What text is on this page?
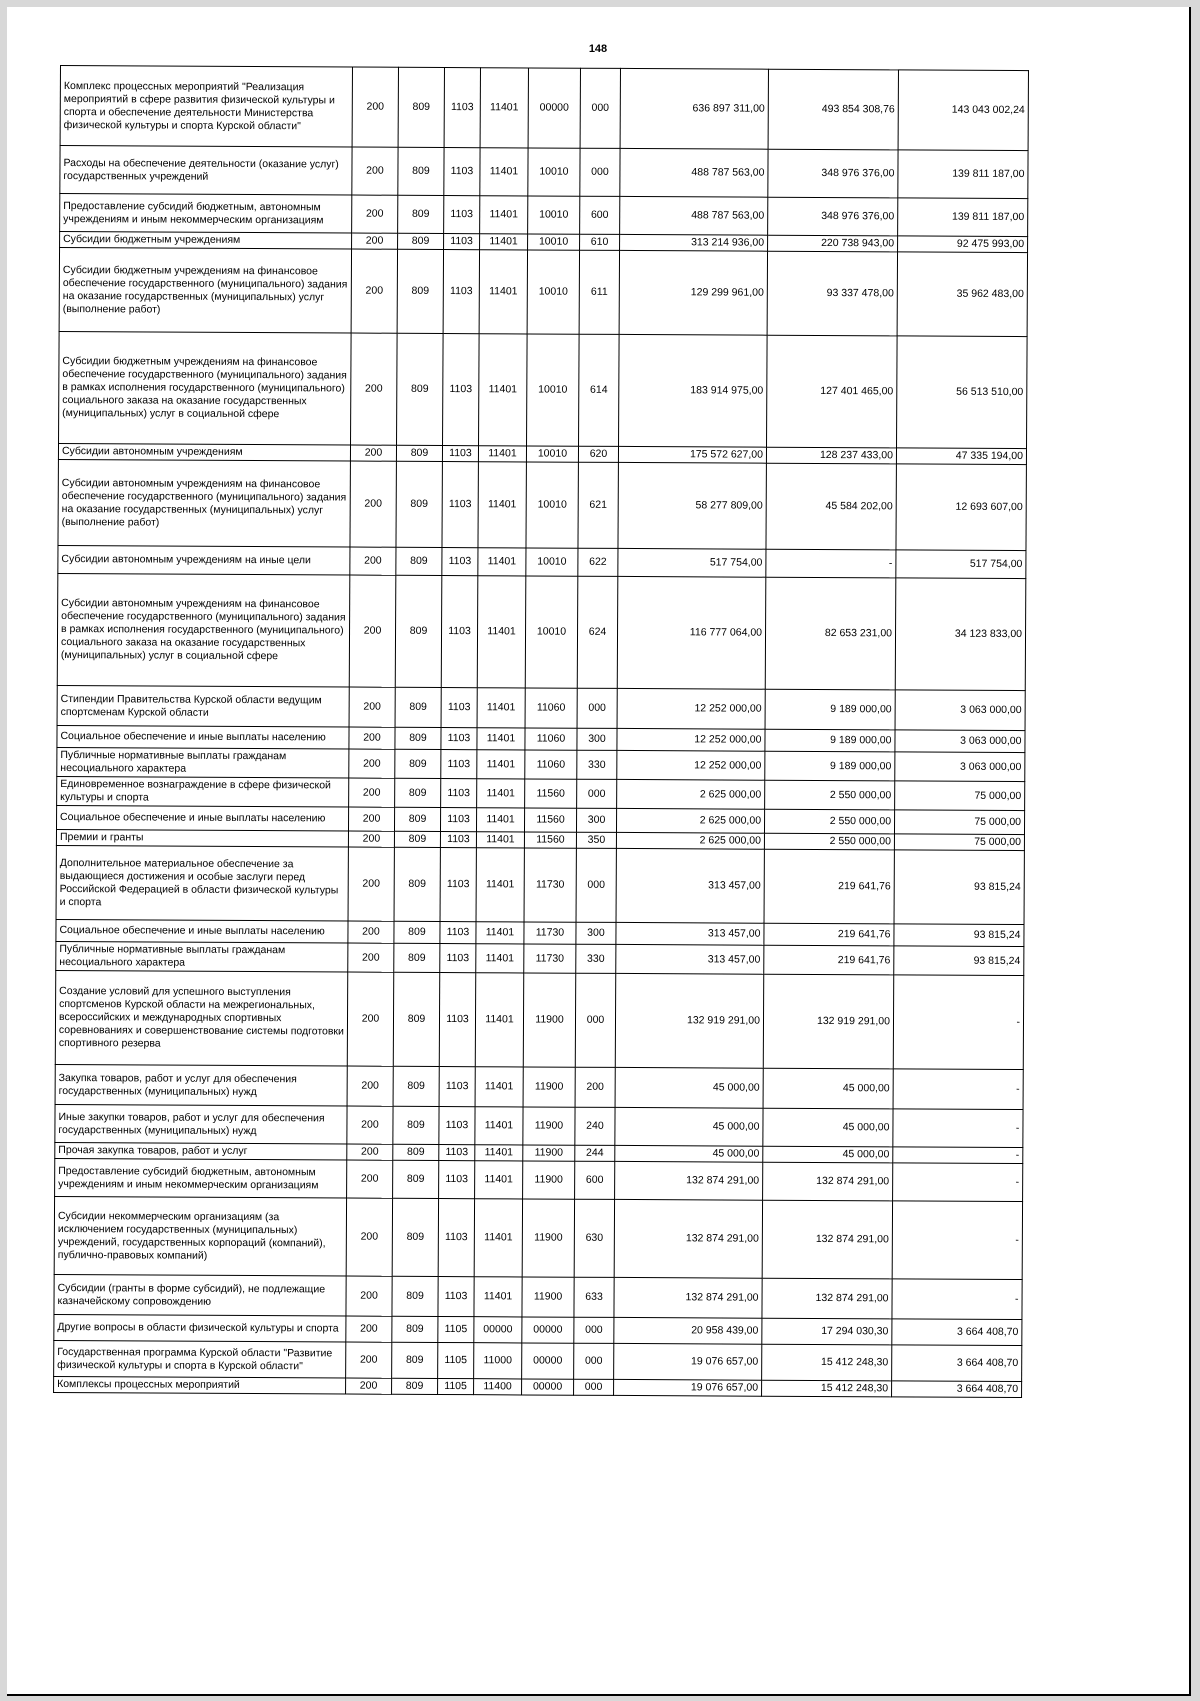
148
Комплекс процессных мероприятий "Реализация мероприятий в сфере развития физической культуры и спорта и обеспечение деятельности Министерства физической культуры и спорта Курской области"	200	809	1103	11401	00000	000	636 897 311,00	493 854 308,76	143 043 002,24
Расходы на обеспечение деятельности (оказание услуг) государственных учреждений	200	809	1103	11401	10010	000	488 787 563,00	348 976 376,00	139 811 187,00
Предоставление субсидий бюджетным, автономным учреждениям и иным некоммерческим организациям	200	809	1103	11401	10010	600	488 787 563,00	348 976 376,00	139 811 187,00
Субсидии бюджетным учреждениям	200	809	1103	11401	10010	610	313 214 936,00	220 738 943,00	92 475 993,00
Субсидии бюджетным учреждениям на финансовое обеспечение государственного (муниципального) задания на оказание государственных (муниципальных) услуг (выполнение работ)	200	809	1103	11401	10010	611	129 299 961,00	93 337 478,00	35 962 483,00
Субсидии бюджетным учреждениям на финансовое обеспечение государственного (муниципального) задания в рамках исполнения государственного (муниципального) социального заказа на оказание государственных (муниципальных) услуг в социальной сфере	200	809	1103	11401	10010	614	183 914 975,00	127 401 465,00	56 513 510,00
Субсидии автономным учреждениям	200	809	1103	11401	10010	620	175 572 627,00	128 237 433,00	47 335 194,00
Субсидии автономным учреждениям на финансовое обеспечение государственного (муниципального) задания на оказание государственных (муниципальных) услуг (выполнение работ)	200	809	1103	11401	10010	621	58 277 809,00	45 584 202,00	12 693 607,00
Субсидии автономным учреждениям на иные цели	200	809	1103	11401	10010	622	517 754,00	-	517 754,00
Субсидии автономным учреждениям на финансовое обеспечение государственного (муниципального) задания в рамках исполнения государственного (муниципального) социального заказа на оказание государственных (муниципальных) услуг в социальной сфере	200	809	1103	11401	10010	624	116 777 064,00	82 653 231,00	34 123 833,00
Стипендии Правительства Курской области ведущим спортсменам Курской области	200	809	1103	11401	11060	000	12 252 000,00	9 189 000,00	3 063 000,00
Социальное обеспечение и иные выплаты населению	200	809	1103	11401	11060	300	12 252 000,00	9 189 000,00	3 063 000,00
Публичные нормативные выплаты гражданам несоциального характера	200	809	1103	11401	11060	330	12 252 000,00	9 189 000,00	3 063 000,00
Единовременное вознаграждение в сфере физической культуры и спорта	200	809	1103	11401	11560	000	2 625 000,00	2 550 000,00	75 000,00
Социальное обеспечение и иные выплаты населению	200	809	1103	11401	11560	300	2 625 000,00	2 550 000,00	75 000,00
Премии и гранты	200	809	1103	11401	11560	350	2 625 000,00	2 550 000,00	75 000,00
Дополнительное материальное обеспечение за выдающиеся достижения и особые заслуги перед Российской Федерацией в области физической культуры и спорта	200	809	1103	11401	11730	000	313 457,00	219 641,76	93 815,24
Социальное обеспечение и иные выплаты населению	200	809	1103	11401	11730	300	313 457,00	219 641,76	93 815,24
Публичные нормативные выплаты гражданам несоциального характера	200	809	1103	11401	11730	330	313 457,00	219 641,76	93 815,24
Создание условий для успешного выступления спортсменов Курской области на межрегиональных, всероссийских и международных спортивных соревнованиях и совершенствование системы подготовки спортивного резерва	200	809	1103	11401	11900	000	132 919 291,00	132 919 291,00	-
Закупка товаров, работ и услуг для обеспечения государственных (муниципальных) нужд	200	809	1103	11401	11900	200	45 000,00	45 000,00	-
Иные закупки товаров, работ и услуг для обеспечения государственных (муниципальных) нужд	200	809	1103	11401	11900	240	45 000,00	45 000,00	-
Прочая закупка товаров, работ и услуг	200	809	1103	11401	11900	244	45 000,00	45 000,00	-
Предоставление субсидий бюджетным, автономным учреждениям и иным некоммерческим организациям	200	809	1103	11401	11900	600	132 874 291,00	132 874 291,00	-
Субсидии некоммерческим организациям (за исключением государственных (муниципальных) учреждений, государственных корпораций (компаний), публично-правовых компаний)	200	809	1103	11401	11900	630	132 874 291,00	132 874 291,00	-
Субсидии (гранты в форме субсидий), не подлежащие казначейскому сопровождению	200	809	1103	11401	11900	633	132 874 291,00	132 874 291,00	-
Другие вопросы в области физической культуры и спорта	200	809	1105	00000	00000	000	20 958 439,00	17 294 030,30	3 664 408,70
Государственная программа Курской области "Развитие физической культуры и спорта в Курской области"	200	809	1105	11000	00000	000	19 076 657,00	15 412 248,30	3 664 408,70
Комплексы процессных мероприятий	200	809	1105	11400	00000	000	19 076 657,00	15 412 248,30	3 664 408,70
